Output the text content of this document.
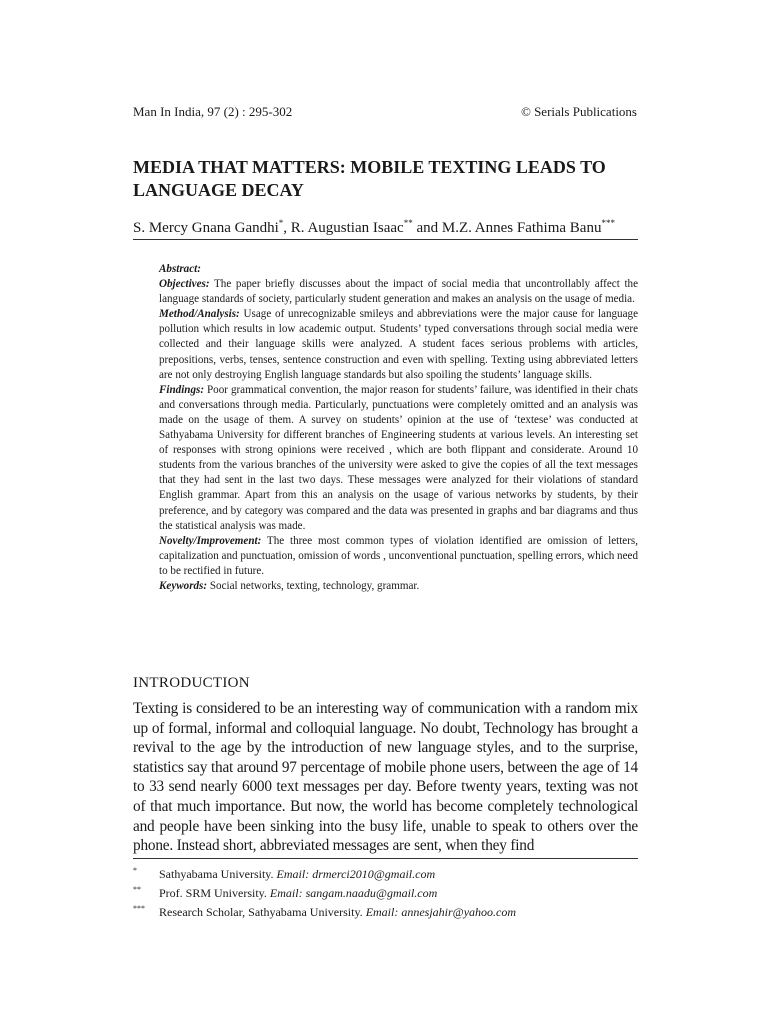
Man In India, 97 (2) : 295-302	© Serials Publications
MEDIA THAT MATTERS: MOBILE TEXTING LEADS TO LANGUAGE DECAY
S. Mercy Gnana Gandhi*, R. Augustian Isaac** and M.Z. Annes Fathima Banu***

Abstract:

Objectives: The paper briefly discusses about the impact of social media that uncontrollably affect the language standards of society, particularly student generation and makes an analysis on the usage of media.

Method/Analysis: Usage of unrecognizable smileys and abbreviations were the major cause for language pollution which results in low academic output. Students’ typed conversations through social media were collected and their language skills were analyzed. A student faces serious problems with articles, prepositions, verbs, tenses, sentence construction and even with spelling. Texting using abbreviated letters are not only destroying English language standards but also spoiling the students’ language skills.

Findings: Poor grammatical convention, the major reason for students’ failure, was identified in their chats and conversations through media. Particularly, punctuations were completely omitted and an analysis was made on the usage of them. A survey on students’ opinion at the use of ‘textese’ was conducted at Sathyabama University for different branches of Engineering students at various levels. An interesting set of responses with strong opinions were received , which are both flippant and considerate. Around 10 students from the various branches of the university were asked to give the copies of all the text messages that they had sent in the last two days. These messages were analyzed for their violations of standard English grammar. Apart from this an analysis on the usage of various networks by students, by their preference, and by category was compared and the data was presented in graphs and bar diagrams and thus the statistical analysis was made.

Novelty/Improvement: The three most common types of violation identified are omission of letters, capitalization and punctuation, omission of words , unconventional punctuation, spelling errors, which need to be rectified in future.

Keywords: Social networks, texting, technology, grammar.

INTRODUCTION

Texting is considered to be an interesting way of communication with a random mix up of formal, informal and colloquial language. No doubt, Technology has brought a revival to the age by the introduction of new language styles, and to the surprise, statistics say that around 97 percentage of mobile phone users, between the age of 14 to 33 send nearly 6000 text messages per day. Before twenty years, texting was not of that much importance. But now, the world has become completely technological and people have been sinking into the busy life, unable to speak to others over the phone. Instead short, abbreviated messages are sent, when they find

* Sathyabama University. Email: drmerci2010@gmail.com
** Prof. SRM University. Email: sangam.naadu@gmail.com
*** Research Scholar, Sathyabama University. Email: annesjahir@yahoo.com
